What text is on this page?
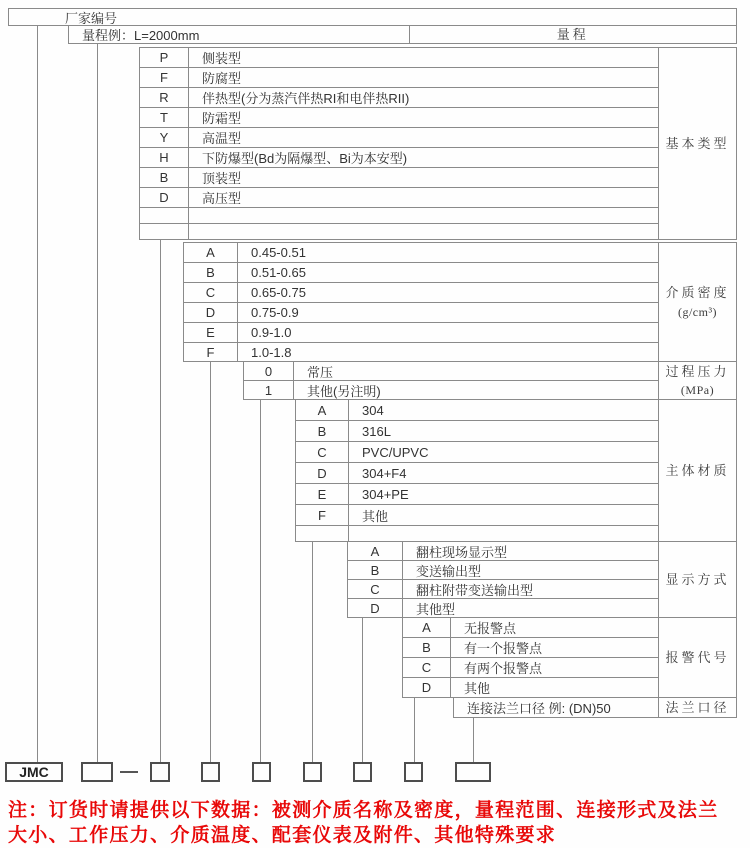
厂家编号
量程例：L=2000mm	量程
P	侧装型
F	防腐型
R	伴热型(分为蒸汽伴热RI和电伴热RII)
T	防霜型
Y	高温型
H	下防爆型(Bd为隔爆型、Bi为本安型)
B	顶装型
D	高压型
基本类型
A	0.45-0.51
B	0.51-0.65
C	0.65-0.75
D	0.75-0.9
E	0.9-1.0
F	1.0-1.8
介质密度
(g/cm³)
0	常压
1	其他(另注明)
过程压力
(MPa)
A	304
B	316L
C	PVC/UPVC
D	304+F4
E	304+PE
F	其他
主体材质
A	翻柱现场显示型
B	变送输出型
C	翻柱附带变送输出型
D	其他型
显示方式
A	无报警点
B	有一个报警点
C	有两个报警点
D	其他
报警代号
连接法兰口径 例: (DN)50	法兰口径
JMC
注：订货时请提供以下数据：被测介质名称及密度，量程范围、连接形式及法兰
大小、工作压力、介质温度、配套仪表及附件、其他特殊要求
